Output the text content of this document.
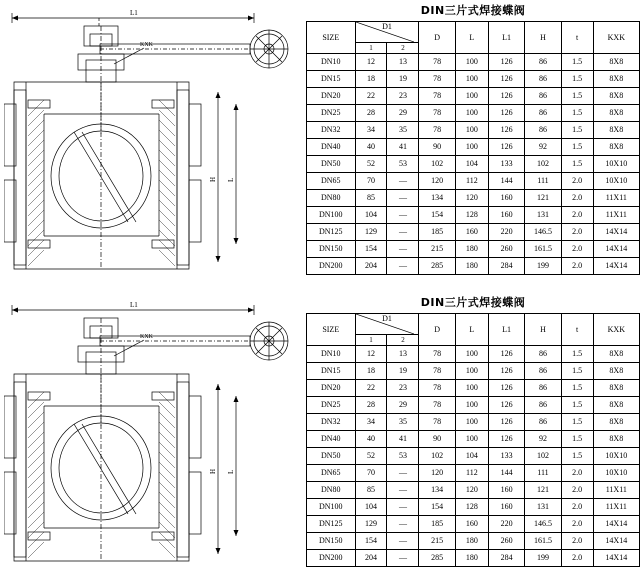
L1
KXK
H L
DIN三片式焊接蝶阀
SIZE	D1		D	L	L1	H	t	KXK
	1	2						
DN10	12	13	78	100	126	86	1.5	8X8
DN15	18	19	78	100	126	86	1.5	8X8
DN20	22	23	78	100	126	86	1.5	8X8
DN25	28	29	78	100	126	86	1.5	8X8
DN32	34	35	78	100	126	86	1.5	8X8
DN40	40	41	90	100	126	92	1.5	8X8
DN50	52	53	102	104	133	102	1.5	10X10
DN65	70	—	120	112	144	111	2.0	10X10
DN80	85	—	134	120	160	121	2.0	11X11
DN100	104	—	154	128	160	131	2.0	11X11
DN125	129	—	185	160	220	146.5	2.0	14X14
DN150	154	—	215	180	260	161.5	2.0	14X14
DN200	204	—	285	180	284	199	2.0	14X14
L1
KXK
H L
DIN三片式焊接蝶阀
SIZE	D1		D	L	L1	H	t	KXK
	1	2						
DN10	12	13	78	100	126	86	1.5	8X8
DN15	18	19	78	100	126	86	1.5	8X8
DN20	22	23	78	100	126	86	1.5	8X8
DN25	28	29	78	100	126	86	1.5	8X8
DN32	34	35	78	100	126	86	1.5	8X8
DN40	40	41	90	100	126	92	1.5	8X8
DN50	52	53	102	104	133	102	1.5	10X10
DN65	70	—	120	112	144	111	2.0	10X10
DN80	85	—	134	120	160	121	2.0	11X11
DN100	104	—	154	128	160	131	2.0	11X11
DN125	129	—	185	160	220	146.5	2.0	14X14
DN150	154	—	215	180	260	161.5	2.0	14X14
DN200	204	—	285	180	284	199	2.0	14X14
